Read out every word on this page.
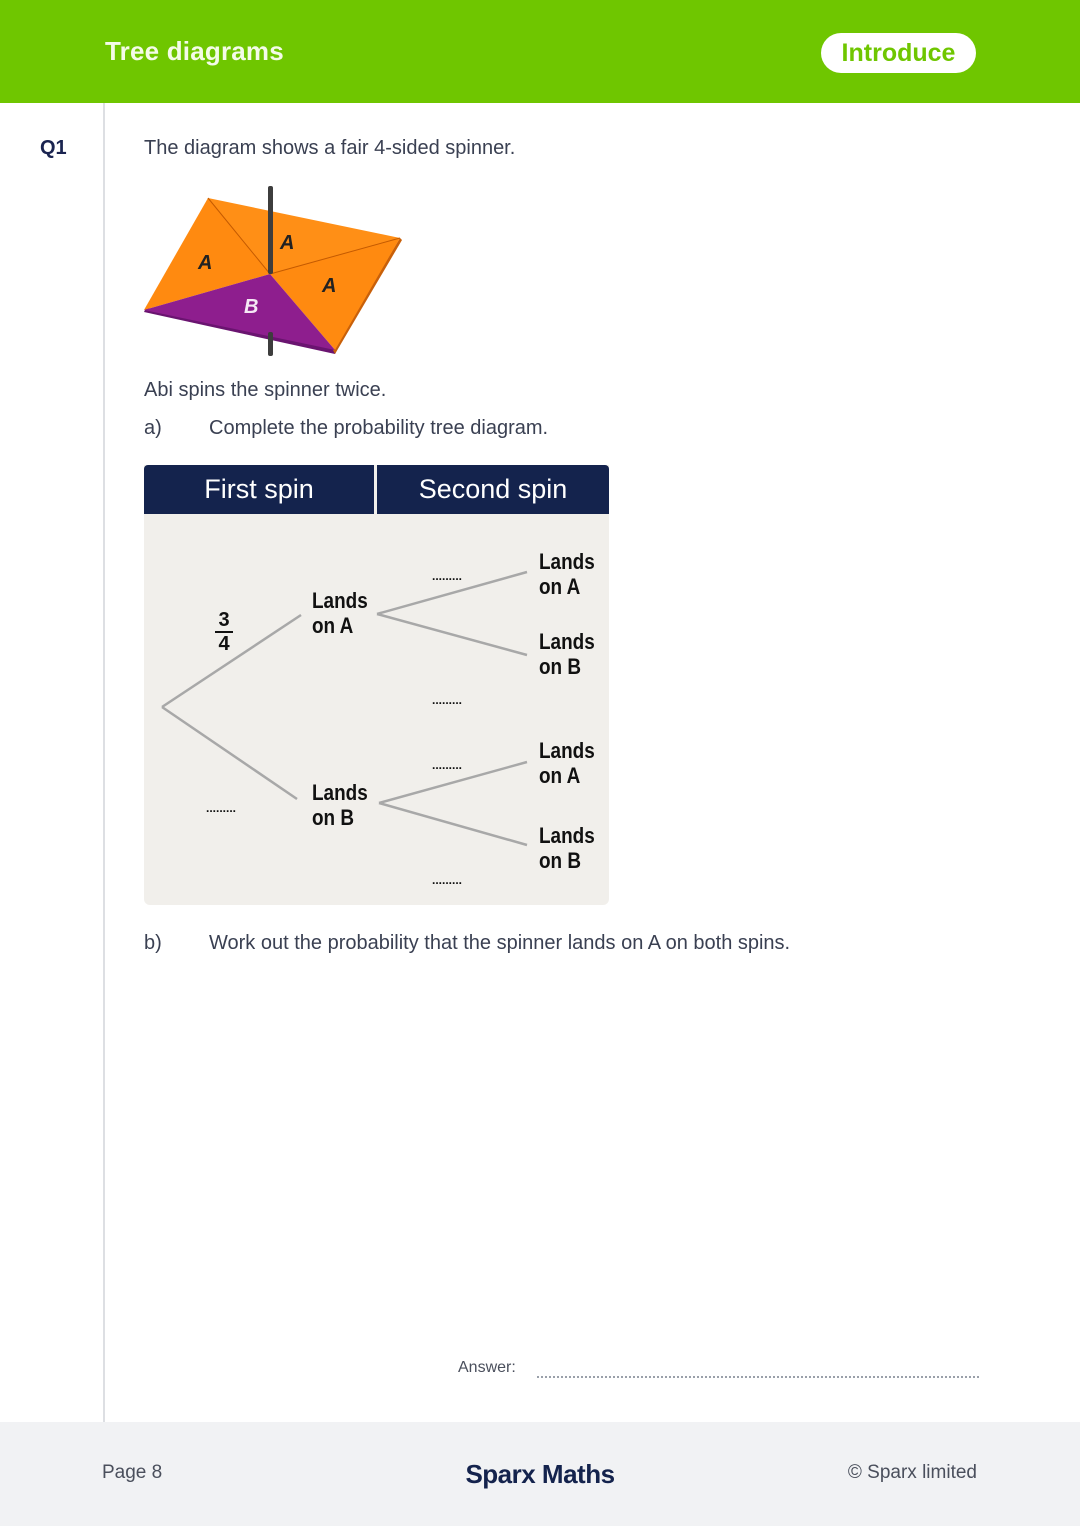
Tree diagrams	Introduce
Q1	The diagram shows a fair 4-sided spinner.
A
A
A
B
Abi spins the spinner twice.
a) Complete the probability tree diagram.
First spin	Second spin
3
4
.........
Lands
on A
Lands
on B
.........
.........
.........
.........
Lands
on A
Lands
on B
Lands
on A
Lands
on B
b) Work out the probability that the spinner lands on A on both spins.
Answer:
Page 8	Sparx Maths	© Sparx limited
